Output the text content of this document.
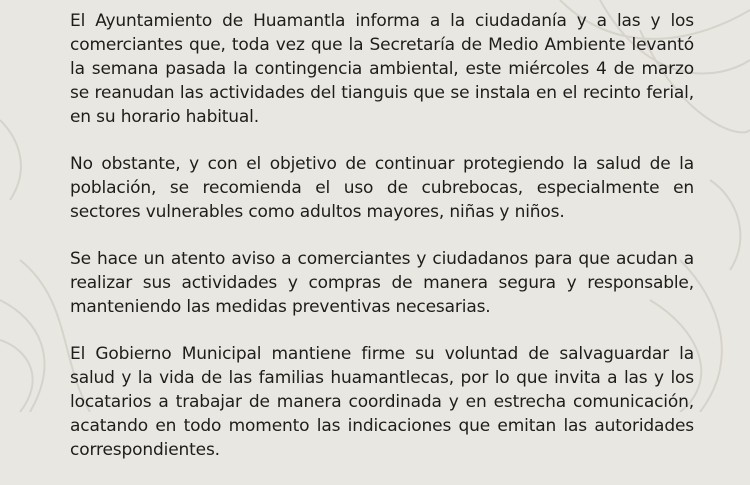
El Ayuntamiento de Huamantla informa a la ciudadanía y a las y los comerciantes que, toda vez que la Secretaría de Medio Ambiente levantó la semana pasada la contingencia ambiental, este miércoles 4 de marzo se reanudan las actividades del tianguis que se instala en el recinto ferial, en su horario habitual.

No obstante, y con el objetivo de continuar protegiendo la salud de la población, se recomienda el uso de cubrebocas, especialmente en sectores vulnerables como adultos mayores, niñas y niños.

Se hace un atento aviso a comerciantes y ciudadanos para que acudan a realizar sus actividades y compras de manera segura y responsable, manteniendo las medidas preventivas necesarias.

El Gobierno Municipal mantiene firme su voluntad de salvaguardar la salud y la vida de las familias huamantlecas, por lo que invita a las y los locatarios a trabajar de manera coordinada y en estrecha comunicación, acatando en todo momento las indicaciones que emitan las autoridades correspondientes.
